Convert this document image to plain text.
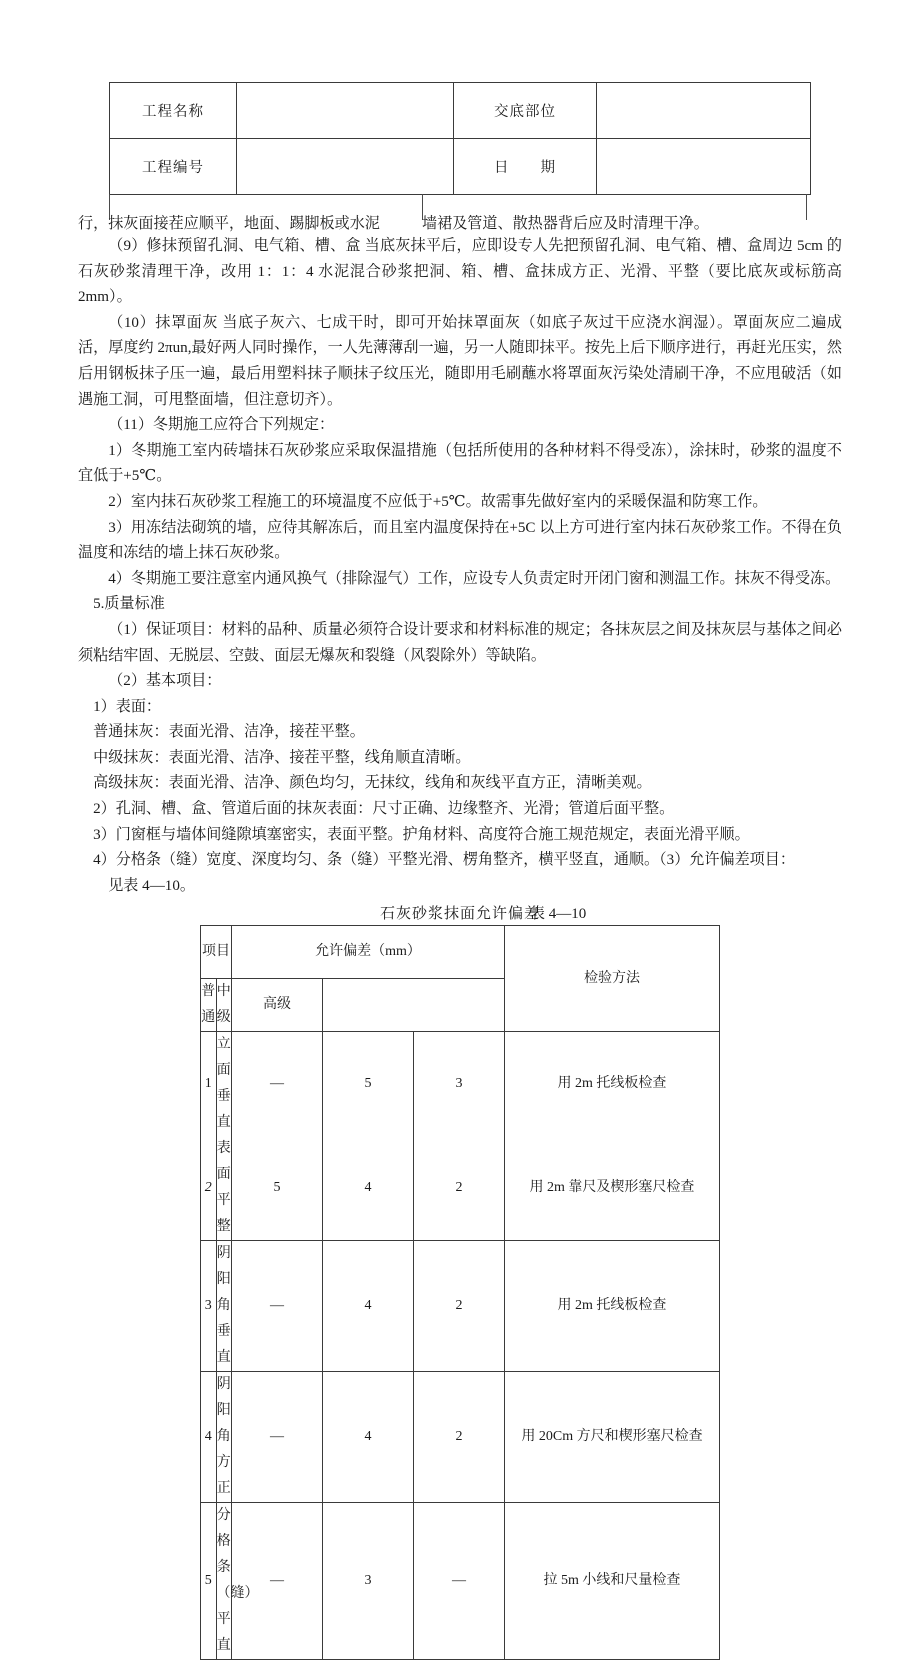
工程名称		交底部位	
工程编号		日　　期	
行，抹灰面接茬应顺平，地面、踢脚板或水泥	墙裙及管道、散热器背后应及时清理干净。

（9）修抹预留孔洞、电气箱、槽、盒 当底灰抹平后，应即设专人先把预留孔洞、电气箱、槽、盒周边 5cm 的石灰砂浆清理干净，改用 1：1：4 水泥混合砂浆把洞、箱、槽、盒抹成方正、光滑、平整（要比底灰或标筋高 2mm）。

（10）抹罩面灰 当底子灰六、七成干时，即可开始抹罩面灰（如底子灰过干应浇水润湿）。罩面灰应二遍成活，厚度约 2πun,最好两人同时操作，一人先薄薄刮一遍，另一人随即抹平。按先上后下顺序进行，再赶光压实，然后用钢板抹子压一遍，最后用塑料抹子顺抹子纹压光，随即用毛刷蘸水将罩面灰污染处清刷干净，不应甩破活（如遇施工洞，可甩整面墙，但注意切齐）。

（11）冬期施工应符合下列规定：

1）冬期施工室内砖墙抹石灰砂浆应采取保温措施（包括所使用的各种材料不得受冻），涂抹时，砂浆的温度不宜低于+5℃。

2）室内抹石灰砂浆工程施工的环境温度不应低于+5℃。故需事先做好室内的采暖保温和防寒工作。

3）用冻结法砌筑的墙，应待其解冻后，而且室内温度保持在+5C 以上方可进行室内抹石灰砂浆工作。不得在负温度和冻结的墙上抹石灰砂浆。

4）冬期施工要注意室内通风换气（排除湿气）工作，应设专人负责定时开闭门窗和测温工作。抹灰不得受冻。

5.质量标准

（1）保证项目：材料的品种、质量必须符合设计要求和材料标准的规定；各抹灰层之间及抹灰层与基体之间必须粘结牢固、无脱层、空鼓、面层无爆灰和裂缝（风裂除外）等缺陷。

（2）基本项目：

1）表面：

普通抹灰：表面光滑、洁净，接茬平整。

中级抹灰：表面光滑、洁净、接茬平整，线角顺直清晰。

高级抹灰：表面光滑、洁净、颜色均匀，无抹纹，线角和灰线平直方正，清晰美观。

2）孔洞、槽、盒、管道后面的抹灰表面：尺寸正确、边缘整齐、光滑；管道后面平整。

3）门窗框与墙体间缝隙填塞密实，表面平整。护角材料、高度符合施工规范规定，表面光滑平顺。

4）分格条（缝）宽度、深度均匀、条（缝）平整光滑、楞角整齐，横平竖直，通顺。（3）允许偏差项目：

见表 4—10。

石灰砂浆抹面允许偏差
表 4—10
项目		允许偏差（mm）			检验方法
普通	中级	高级			
1	立面垂直	—	5	3	用 2m 托线板检查
2	表面平整	5	4	2	用 2m 靠尺及楔形塞尺检查
3	阴阳角垂直	—	4	2	用 2m 托线板检查
4	阴阳角方正	—	4	2	用 20Cm 方尺和楔形塞尺检查
5	分格条（缝）平直	—	3	—	拉 5m 小线和尺量检查
